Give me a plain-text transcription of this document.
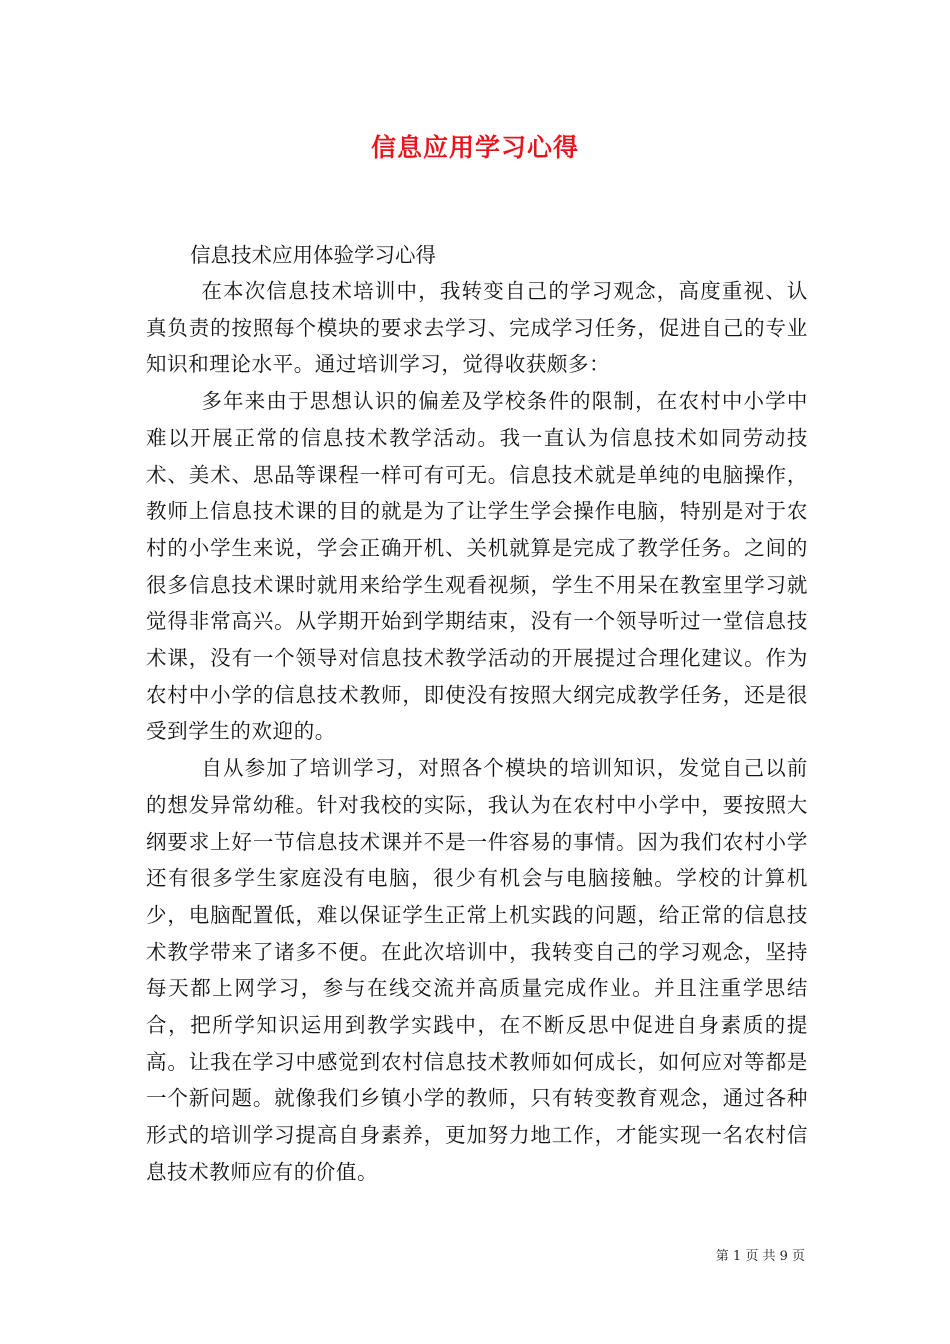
信息应用学习心得

信息技术应用体验学习心得

在本次信息技术培训中，我转变自己的学习观念，高度重视、认真负责的按照每个模块的要求去学习、完成学习任务，促进自己的专业知识和理论水平。通过培训学习，觉得收获颇多：

多年来由于思想认识的偏差及学校条件的限制，在农村中小学中难以开展正常的信息技术教学活动。我一直认为信息技术如同劳动技术、美术、思品等课程一样可有可无。信息技术就是单纯的电脑操作，教师上信息技术课的目的就是为了让学生学会操作电脑，特别是对于农村的小学生来说，学会正确开机、关机就算是完成了教学任务。之间的很多信息技术课时就用来给学生观看视频，学生不用呆在教室里学习就觉得非常高兴。从学期开始到学期结束，没有一个领导听过一堂信息技术课，没有一个领导对信息技术教学活动的开展提过合理化建议。作为农村中小学的信息技术教师，即使没有按照大纲完成教学任务，还是很受到学生的欢迎的。

自从参加了培训学习，对照各个模块的培训知识，发觉自己以前的想发异常幼稚。针对我校的实际，我认为在农村中小学中，要按照大纲要求上好一节信息技术课并不是一件容易的事情。因为我们农村小学还有很多学生家庭没有电脑，很少有机会与电脑接触。学校的计算机少，电脑配置低，难以保证学生正常上机实践的问题，给正常的信息技术教学带来了诸多不便。在此次培训中，我转变自己的学习观念，坚持每天都上网学习，参与在线交流并高质量完成作业。并且注重学思结合，把所学知识运用到教学实践中，在不断反思中促进自身素质的提高。让我在学习中感觉到农村信息技术教师如何成长，如何应对等都是一个新问题。就像我们乡镇小学的教师，只有转变教育观念，通过各种形式的培训学习提高自身素养，更加努力地工作，才能实现一名农村信息技术教师应有的价值。

第 1 页 共 9 页
